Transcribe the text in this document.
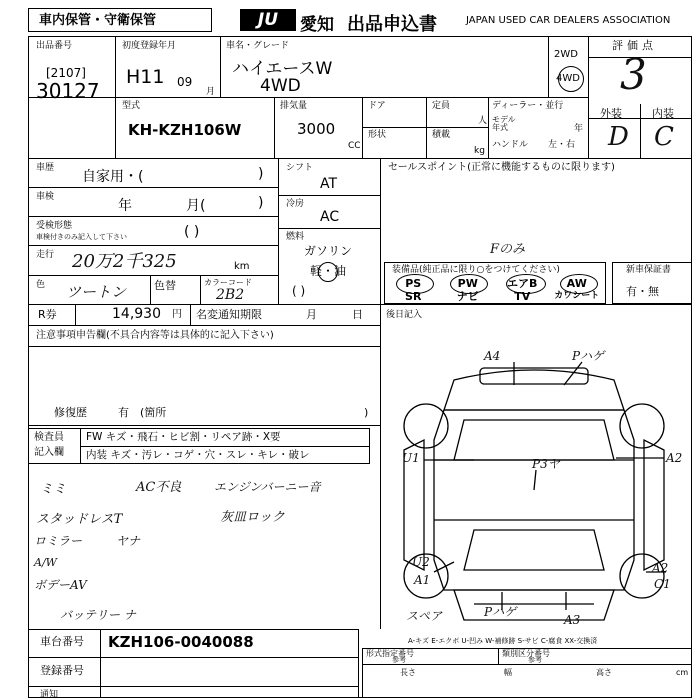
車内保管・守衛保管	JU	愛知 出品申込書	JAPAN USED CAR DEALERS ASSOCIATION
出品番号
[2107]
30127
初度登録年月
H11 09
月
車名・グレード
ハイエースW
4WD
2WD
4WD
評価点
3
外装	内装
D C
型式
KH-KZH106W
排気量
3000
CC
ドア
形状
定員
人
積載
kg
ディーラー・並行
モデル
年式	年
ハンドル 左・右
車歴
自家用・(	)
車検
年	月(	)
受検形態
車検付きのみ記入して下さい	( )
走行 20万2千325	km
色 ツートン	色替	カラーコード
2B2
シフト
AT
冷房
AC
燃料
ガソリン
軽・油
( )
セールスポイント(正常に機能するものに限ります)
Fのみ
装備品(純正品に限り○をつけてください)
PS	PW	エアB	AW
SR	ナビ	TV	カワシート
新車保証書
有・無
R券	14,930 円 名変通知期限	月	日
注意事項申告欄(不具合内容等は具体的に記入下さい)
修復歴	有 (箇所	)
後日記入
検査員
記入欄
FW キズ・飛石・ヒビ割・リペア跡・X要
内装 キズ・汚レ・コゲ・穴・スレ・キレ・破レ
ミミ	AC不良	エンジンバーニー音
スタッドレスT	灰皿ロック
ロミラー	ヤナ
A/W
ボデーAV
バッテリー ナ
A4	Pハゲ
U1	A2
P3ヤ
U2
A1
A2
C1
スペア	Pハゲ
A3
A-キズ E-エクボ U-凹み W-補修跡 S-サビ C-腐食 XX-交換済
車台番号 KZH106-0040088
登録番号
通知
形式指定番号
参考
類別区分番号
参考
長さ	幅	高さ	cm
